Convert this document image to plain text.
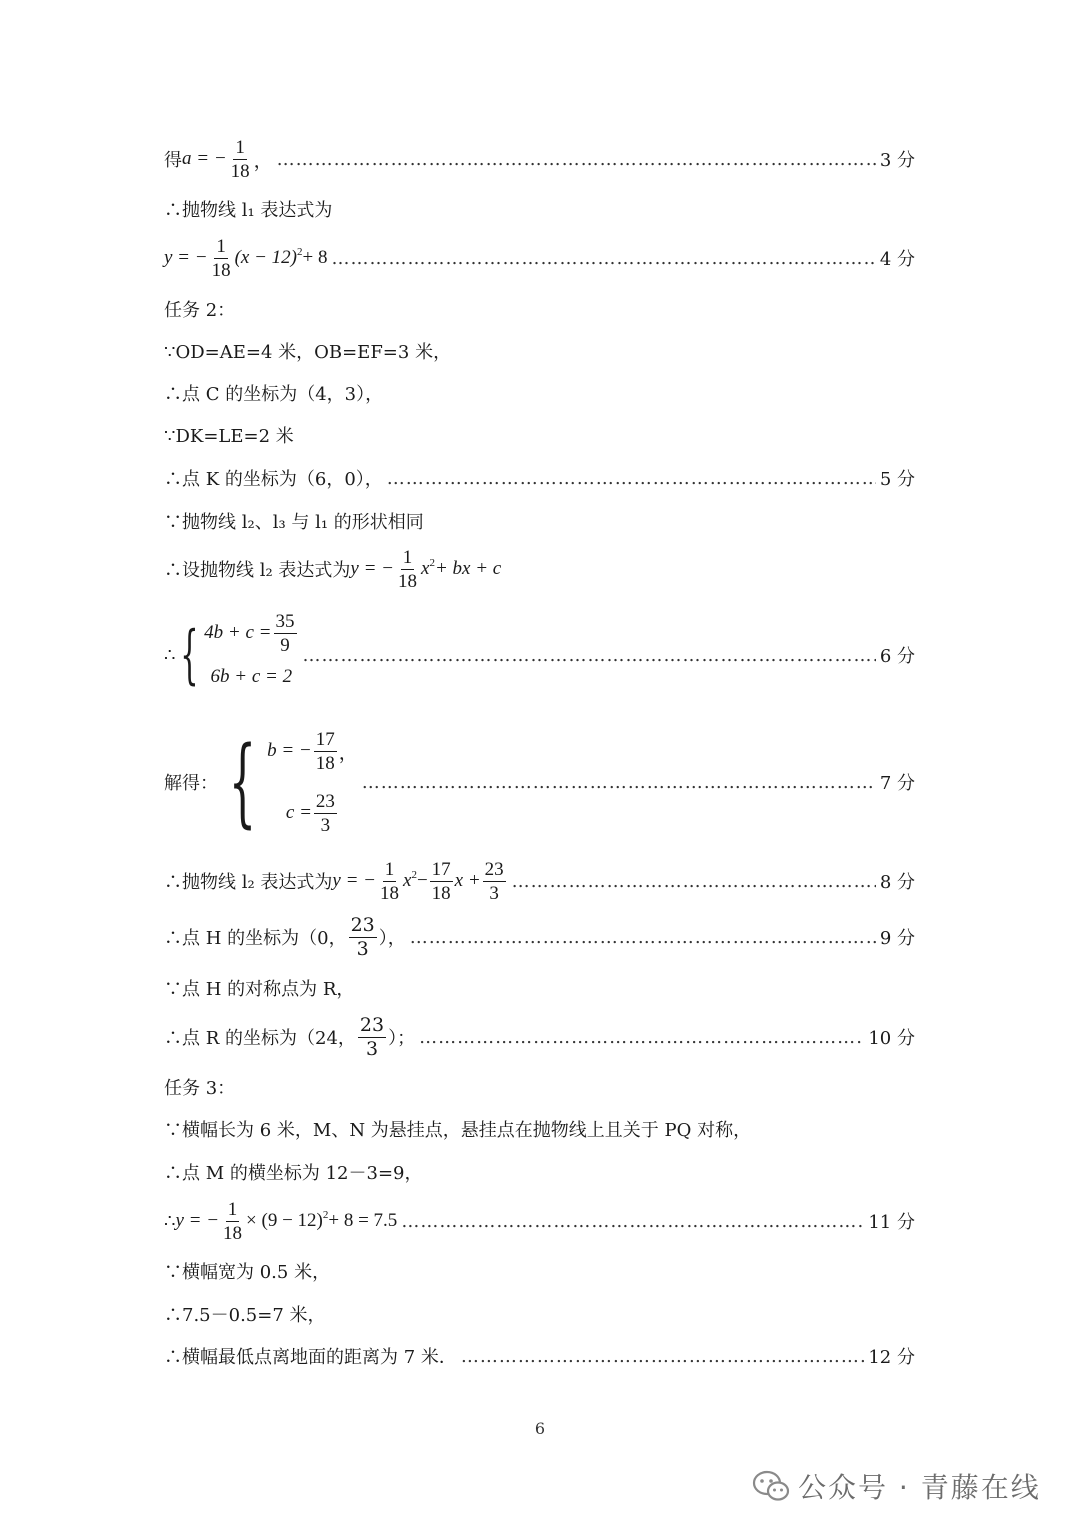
得 a = − $\frac{1}{18}$ ， …………………………………………………………………………………………………………………………………………	3 分
∴抛物线 l₁ 表达式为
y = − $\frac{1}{18} (x - 12)^2 + 8$ …………………………………………………………………………………………………………………………………………	4 分
任务 2：
∵OD=AE=4 米，OB=EF=3 米，
∴点 C 的坐标为（4，3），
∵DK=LE=2 米
∴点 K 的坐标为（6，0）， …………………………………………………………………………………………………………………………………………	5 分
∵抛物线 l₂、l₃ 与 l₁ 的形状相同
∴设抛物线 l₂ 表达式为 y = − $\frac{1}{18} x^2$ + bx + c
∴ { $4b + c = \frac{35}{9}$
6b + c = 2
…………………………………………………………………………………………………………………………………………
6 分
解得： { b = − $\frac{17}{18}$ ，
$c = \frac{23}{3}$
…………………………………………………………………………………………………………………………………………
7 分
∴抛物线 l₂ 表达式为 y = − $\frac{1}{18} x^2 - \frac{17}{18}$ $x + \frac{23}{3}$ …………………………………………………………………………………………………………………………………………	8 分
∴点 H 的坐标为（0， $\frac{23}{3}$ ）， …………………………………………………………………………………………………………………………………………	9 分
∵点 H 的对称点为 R，
∴点 R 的坐标为（24， $\frac{23}{3}$ ）； …………………………………………………………………………………………………………………………………………	10 分
任务 3：
∵横幅长为 6 米，M、N 为悬挂点，悬挂点在抛物线上且关于 PQ 对称，
∴点 M 的横坐标为 12－3=9，
∴ y = − $\frac{1}{18} \times (9 - 12)^2 + 8 = 7.5$ …………………………………………………………………………………………………………………………………………	11 分
∵横幅宽为 0.5 米，
∴7.5－0.5=7 米，
∴横幅最低点离地面的距离为 7 米． …………………………………………………………………………………………………………………………………………	12 分
6
公众号 · 青藤在线
